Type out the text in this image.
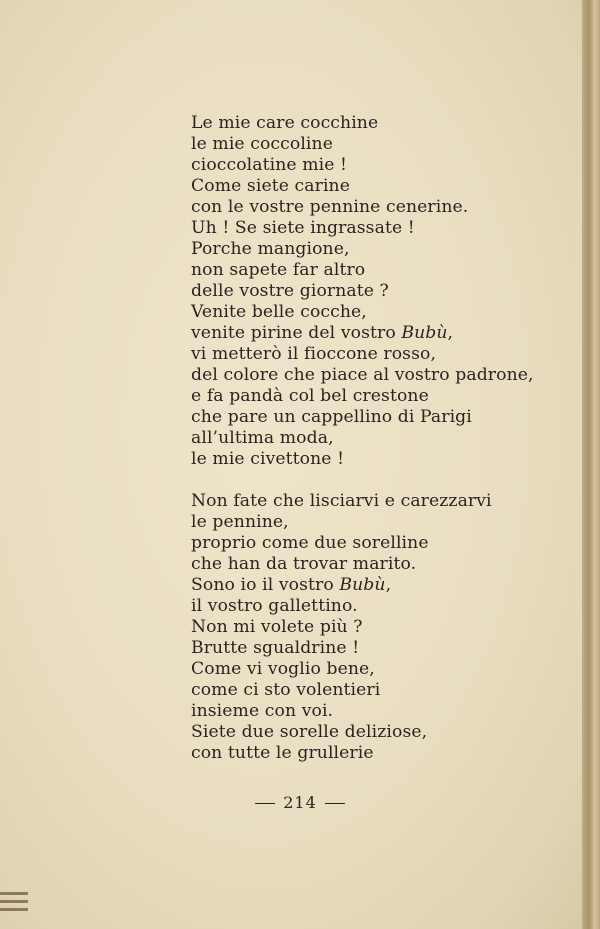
Le mie care cocchine
le mie coccoline
cioccolatine mie !
Come siete carine
con le vostre pennine cenerine.
Uh ! Se siete ingrassate !
Porche mangione,
non sapete far altro
delle vostre giornate ?
Venite belle cocche,
venite pirine del vostro Bubù,
vi metterò il fioccone rosso,
del colore che piace al vostro padrone,
e fa pandà col bel crestone
che pare un cappellino di Parigi
all’ultima moda,
le mie civettone !
Non fate che lisciarvi e carezzarvi
le pennine,
proprio come due sorelline
che han da trovar marito.
Sono io il vostro Bubù,
il vostro gallettino.
Non mi volete più ?
Brutte sgualdrine !
Come vi voglio bene,
come ci sto volentieri
insieme con voi.
Siete due sorelle deliziose,
con tutte le grullerie
214
